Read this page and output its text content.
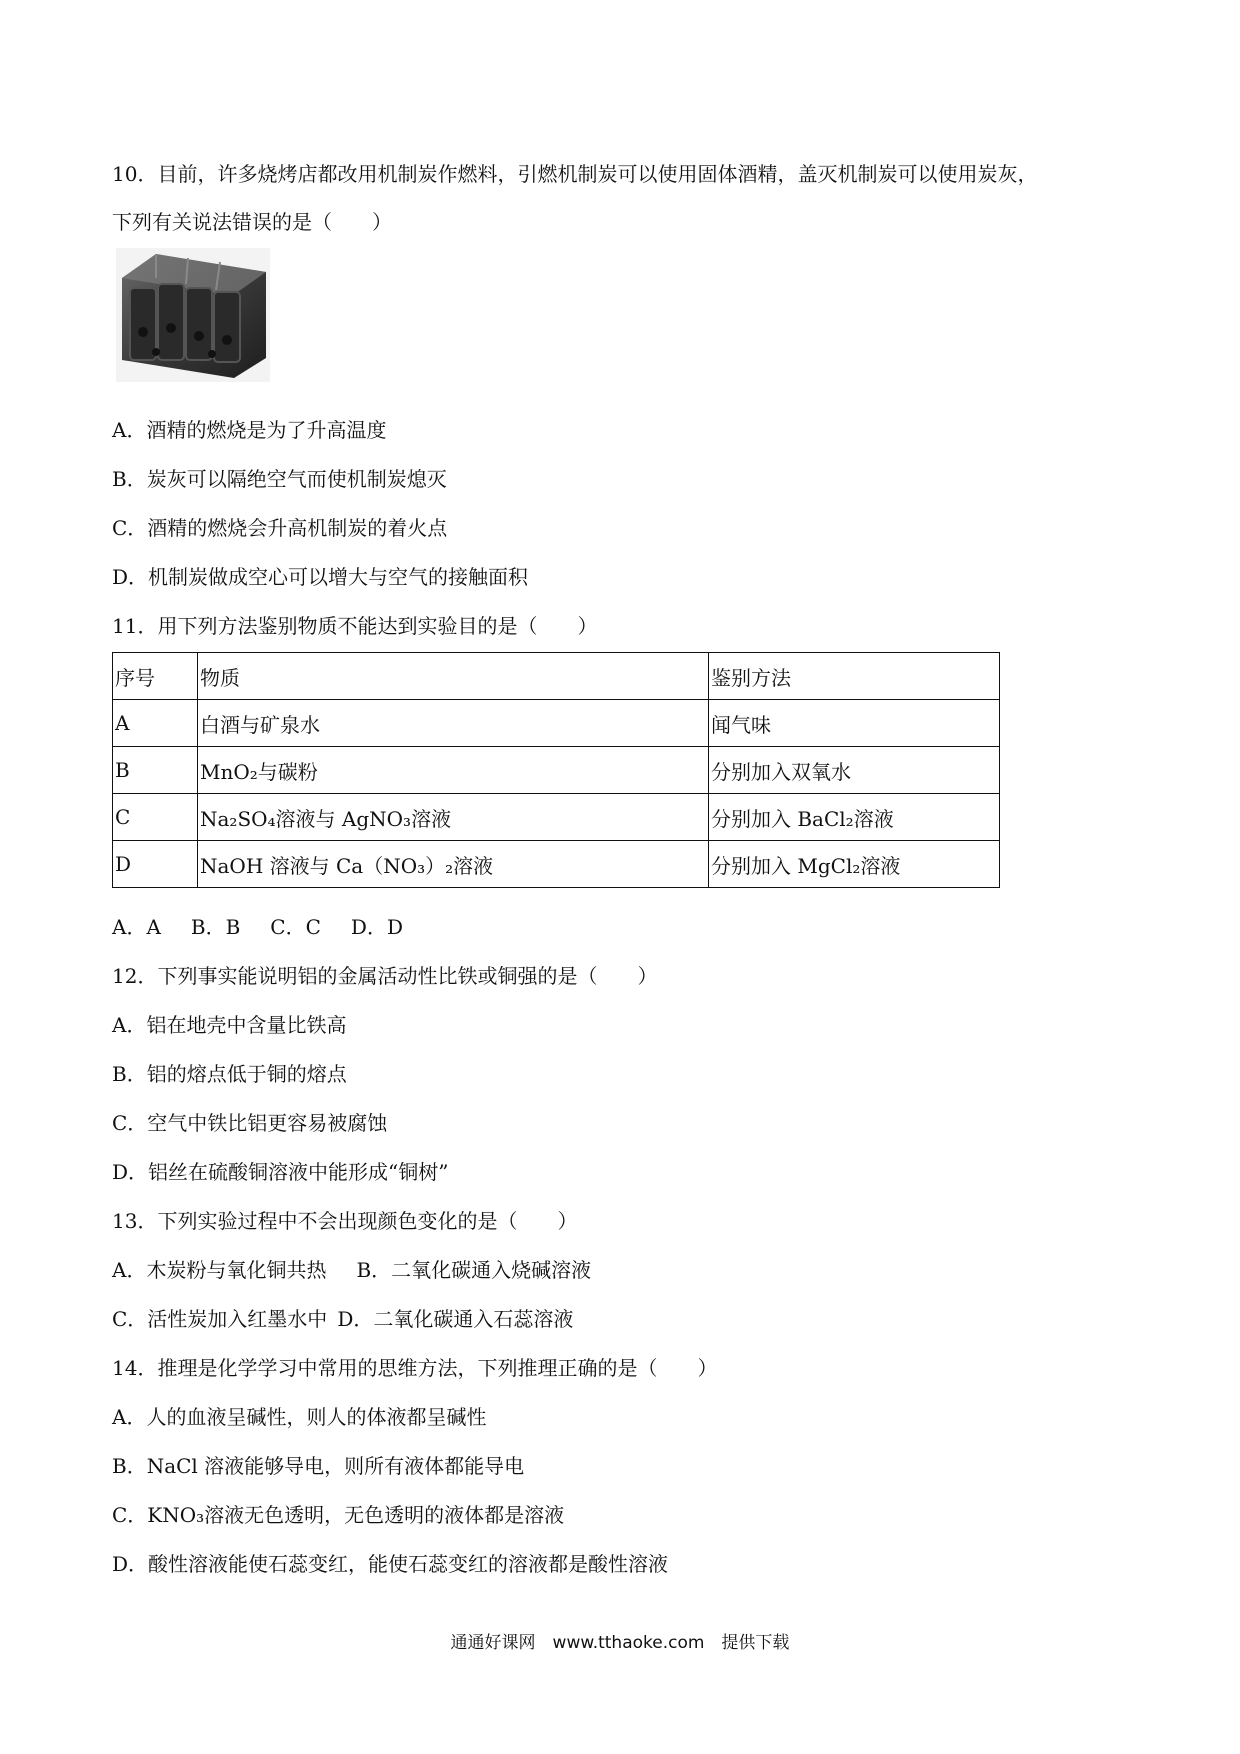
10．目前，许多烧烤店都改用机制炭作燃料，引燃机制炭可以使用固体酒精，盖灭机制炭可以使用炭灰，
下列有关说法错误的是（　　）
A．酒精的燃烧是为了升高温度
B．炭灰可以隔绝空气而使机制炭熄灭
C．酒精的燃烧会升高机制炭的着火点
D．机制炭做成空心可以增大与空气的接触面积
11．用下列方法鉴别物质不能达到实验目的是（　　）
序号	物质	鉴别方法
A	白酒与矿泉水	闻气味
B	MnO₂与碳粉	分别加入双氧水
C	Na₂SO₄溶液与 AgNO₃溶液	分别加入 BaCl₂溶液
D	NaOH 溶液与 Ca（NO₃）₂溶液	分别加入 MgCl₂溶液
A．A B．B C．C D．D
12．下列事实能说明铝的金属活动性比铁或铜强的是（　　）
A．铝在地壳中含量比铁高
B．铝的熔点低于铜的熔点
C．空气中铁比铝更容易被腐蚀
D．铝丝在硫酸铜溶液中能形成“铜树”
13．下列实验过程中不会出现颜色变化的是（　　）
A．木炭粉与氧化铜共热 B．二氧化碳通入烧碱溶液
C．活性炭加入红墨水中 D．二氧化碳通入石蕊溶液
14．推理是化学学习中常用的思维方法，下列推理正确的是（　　）
A．人的血液呈碱性，则人的体液都呈碱性
B．NaCl 溶液能够导电，则所有液体都能导电
C．KNO₃溶液无色透明，无色透明的液体都是溶液
D．酸性溶液能使石蕊变红，能使石蕊变红的溶液都是酸性溶液
通通好课网　www.tthaoke.com　提供下载
